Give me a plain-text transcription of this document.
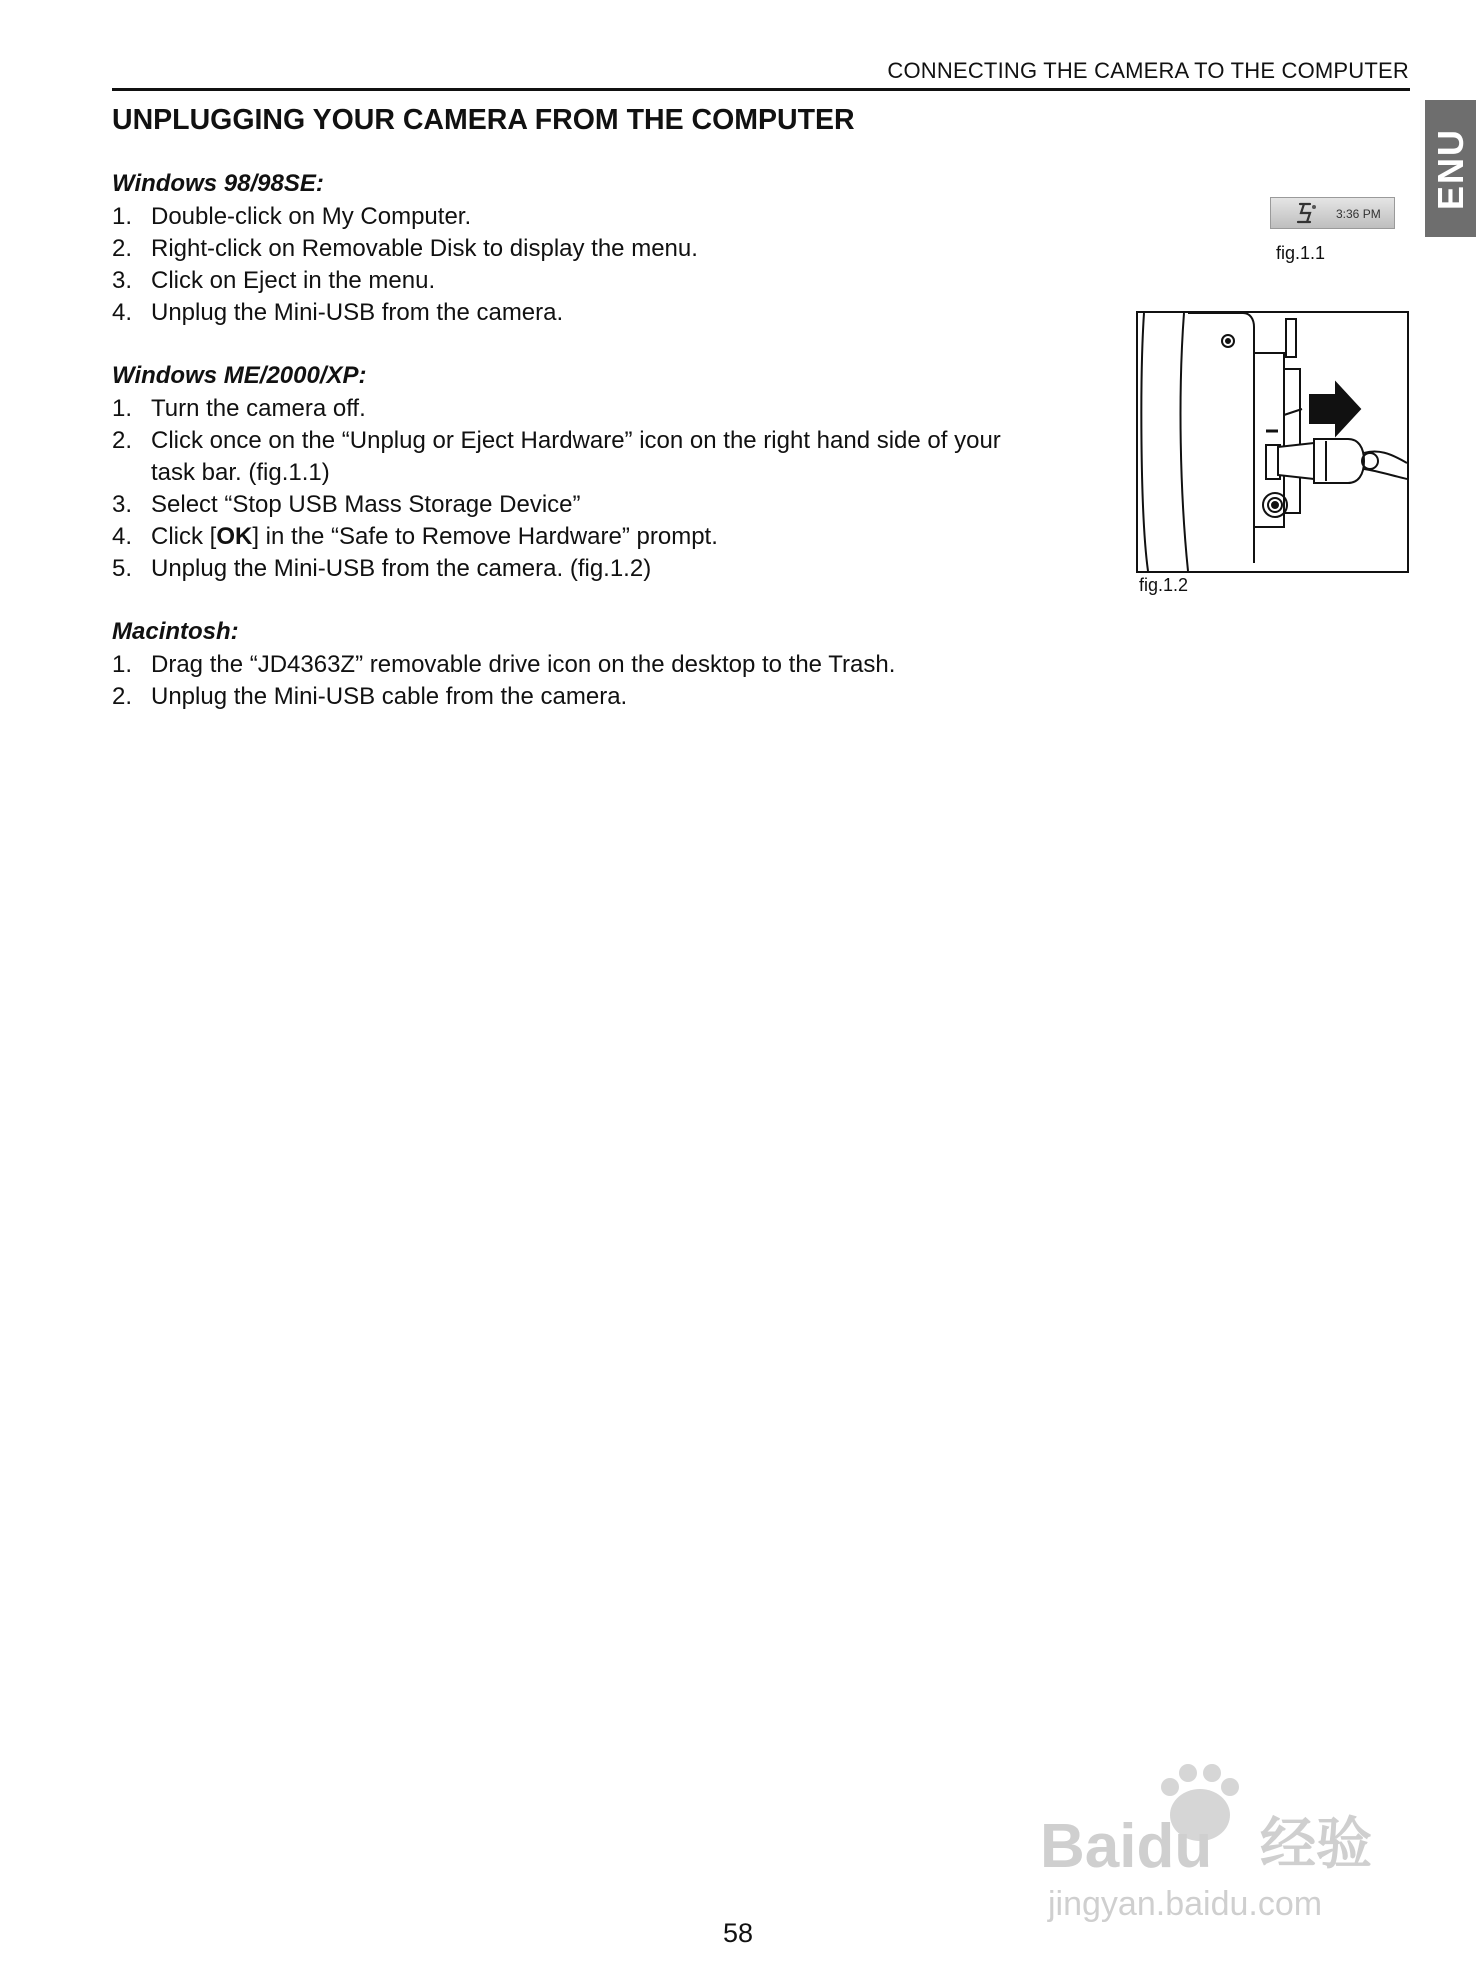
CONNECTING THE CAMERA TO THE COMPUTER
ENU
UNPLUGGING YOUR CAMERA FROM THE COMPUTER
Windows 98/98SE:
1. Double-click on My Computer.
2. Right-click on Removable Disk to display the menu.
3. Click on Eject in the menu.
4. Unplug the Mini-USB from the camera.
Windows ME/2000/XP:
1. Turn the camera off.
2. Click once on the “Unplug or Eject Hardware” icon on the right hand side of your
task bar. (fig.1.1)
3. Select “Stop USB Mass Storage Device”
4. Click [OK] in the “Safe to Remove Hardware” prompt.
5. Unplug the Mini-USB from the camera. (fig.1.2)
Macintosh:
1. Drag the “JD4363Z” removable drive icon on the desktop to the Trash.
2. Unplug the Mini-USB cable from the camera.
3:36 PM
fig.1.1
fig.1.2
Baidu 经验
jingyan.baidu.com
58
